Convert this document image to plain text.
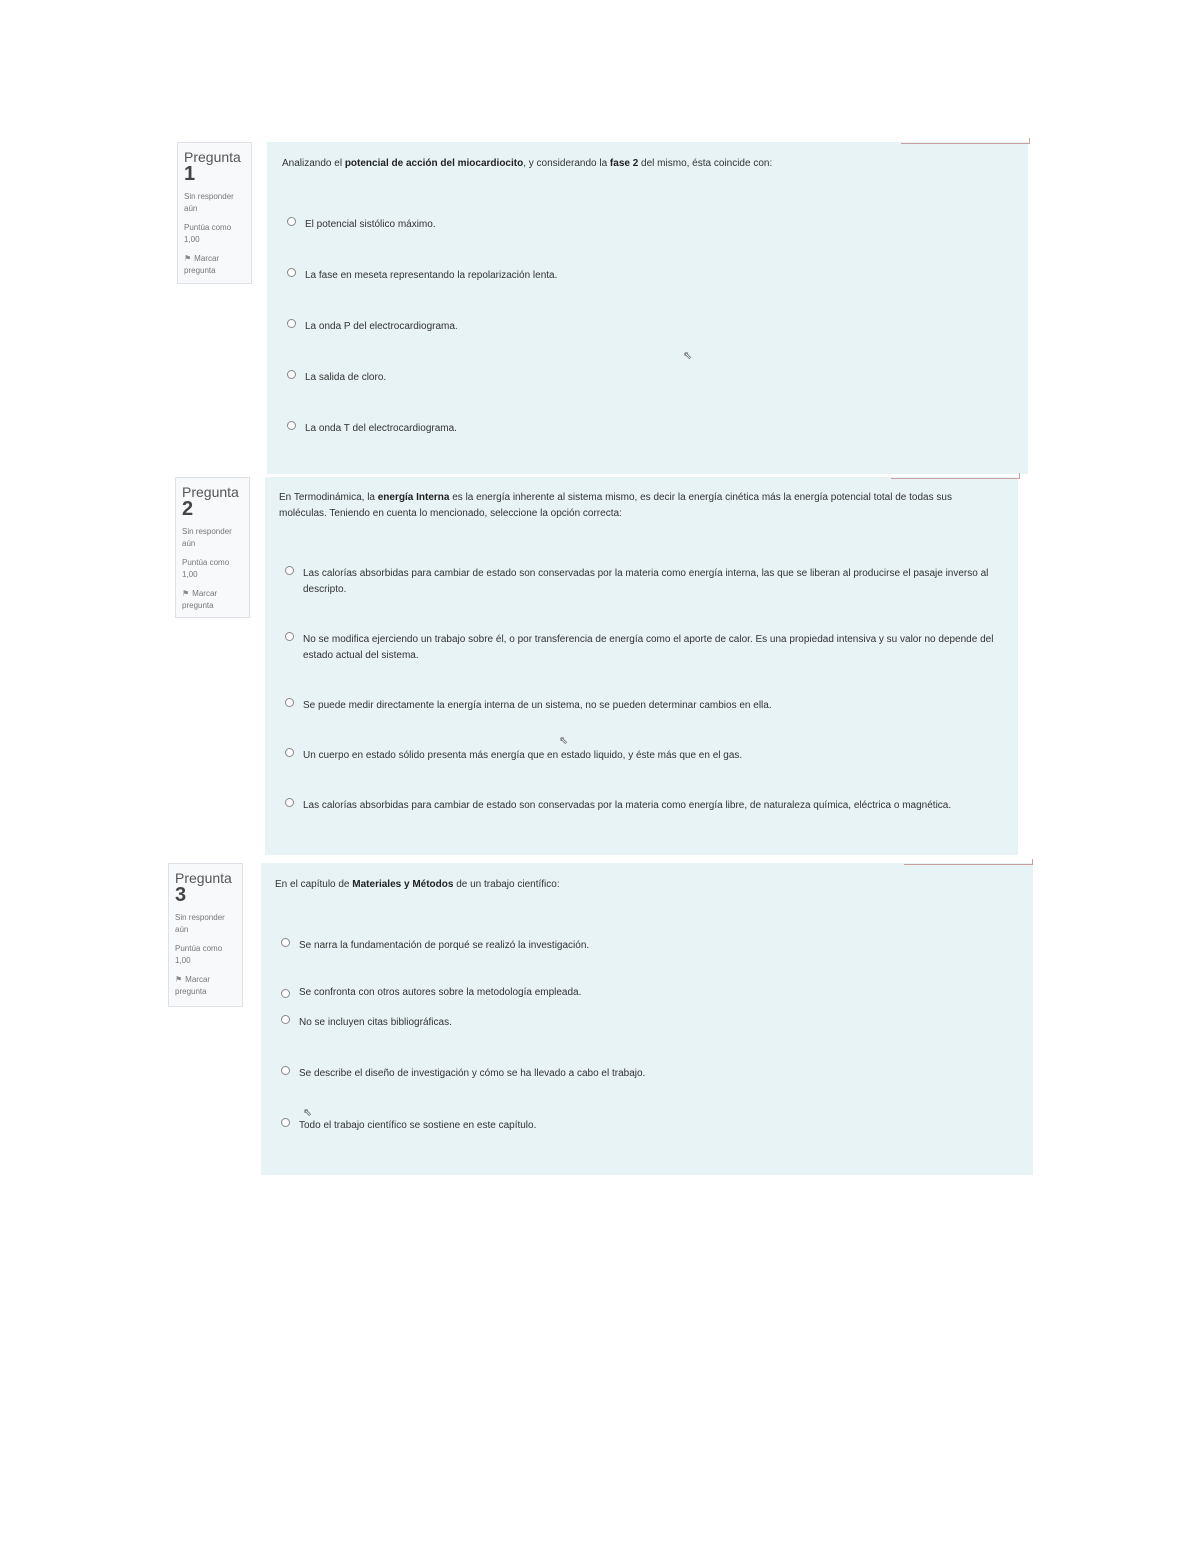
Pregunta
1
Sin responder aún
Puntúa como 1,00
⚑ Marcar pregunta
Analizando el potencial de acción del miocardiocito, y considerando la fase 2 del mismo, ésta coincide con:
El potencial sistólico máximo.
La fase en meseta representando la repolarización lenta.
La onda P del electrocardiograma.
La salida de cloro.
La onda T del electrocardiograma.
⇖
Pregunta
2
Sin responder aún
Puntúa como 1,00
⚑ Marcar pregunta
En Termodinámica, la energía Interna es la energía inherente al sistema mismo, es decir la energía cinética más la energía potencial total de todas sus moléculas. Teniendo en cuenta lo mencionado, seleccione la opción correcta:
Las calorías absorbidas para cambiar de estado son conservadas por la materia como energía interna, las que se liberan al producirse el pasaje inverso al descripto.
No se modifica ejerciendo un trabajo sobre él, o por transferencia de energía como el aporte de calor. Es una propiedad intensiva y su valor no depende del estado actual del sistema.
Se puede medir directamente la energía interna de un sistema, no se pueden determinar cambios en ella.
Un cuerpo en estado sólido presenta más energía que en estado liquido, y éste más que en el gas.
Las calorías absorbidas para cambiar de estado son conservadas por la materia como energía libre, de naturaleza química, eléctrica o magnética.
⇖
Pregunta
3
Sin responder aún
Puntúa como 1,00
⚑ Marcar pregunta
En el capítulo de Materiales y Métodos de un trabajo científico:
Se narra la fundamentación de porqué se realizó la investigación.
Se confronta con otros autores sobre la metodología empleada.
No se incluyen citas bibliográficas.
Se describe el diseño de investigación y cómo se ha llevado a cabo el trabajo.
Todo el trabajo científico se sostiene en este capítulo.
⇖
